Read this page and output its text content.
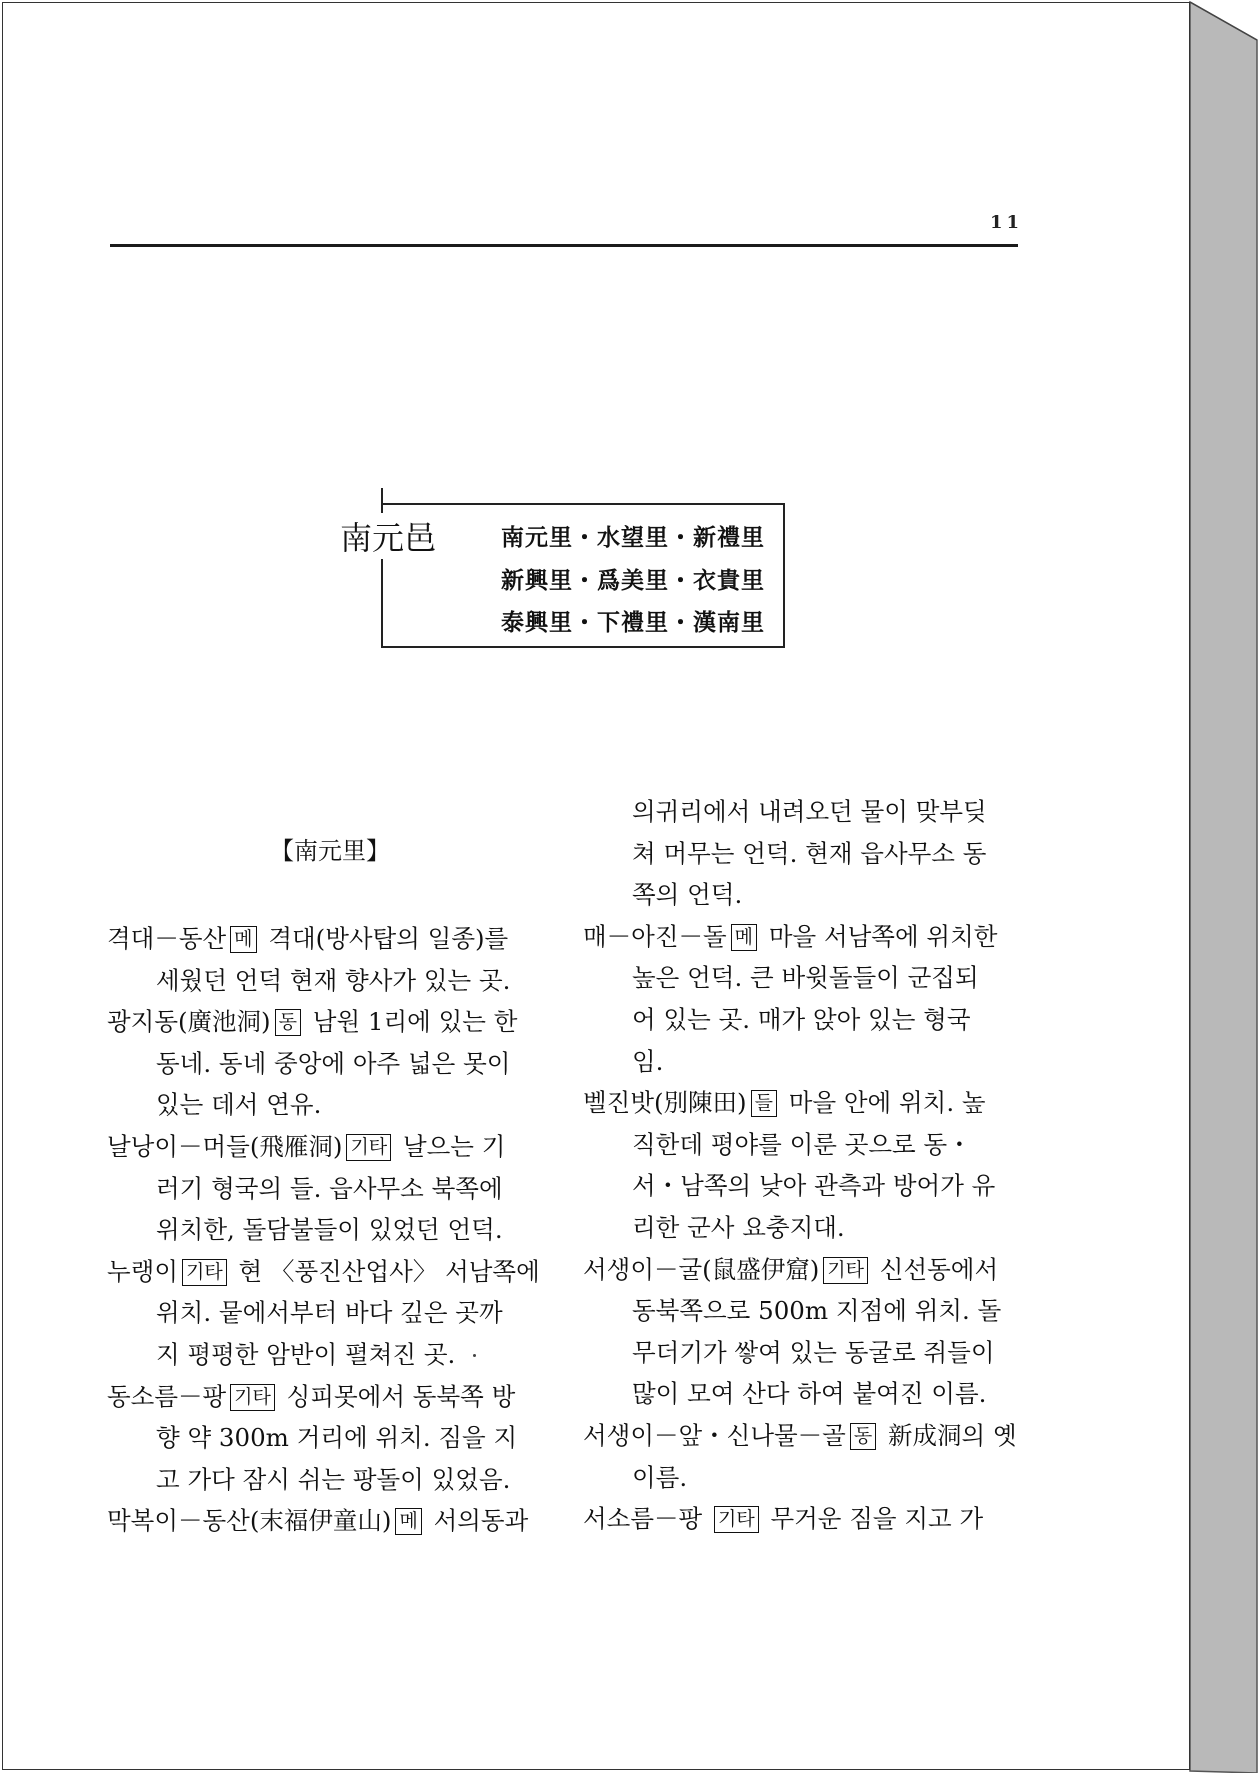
11
南元邑	南元里・水望里・新禮里
新興里・爲美里・衣貴里
泰興里・下禮里・漢南里
【南元里】
격대－동산 메 격대(방사탑의 일종)를
  세웠던 언덕 현재 향사가 있는 곳.
광지동(廣池洞) 동 남원 1리에 있는 한
  동네. 동네 중앙에 아주 넓은 못이
  있는 데서 연유.
날낭이－머들(飛雁洞) 기타 날으는 기
  러기 형국의 들. 읍사무소 북쪽에
  위치한, 돌담불들이 있었던 언덕.
누랭이 기타 현 〈풍진산업사〉 서남쪽에
  위치. 뭍에서부터 바다 깊은 곳까
  지 평평한 암반이 펼쳐진 곳.
동소름－팡 기타 싱피못에서 동북쪽 방
  향 약 300m 거리에 위치. 짐을 지
  고 가다 잠시 쉬는 팡돌이 있었음.
막복이－동산(末福伊童山) 메 서의동과
  의귀리에서 내려오던 물이 맞부딪
  쳐 머무는 언덕. 현재 읍사무소 동
  쪽의 언덕.
매－아진－돌 메 마을 서남쪽에 위치한
  높은 언덕. 큰 바윗돌들이 군집되
  어 있는 곳. 매가 앉아 있는 형국
  임.
벨진밧(別陳田) 들 마을 안에 위치. 높
  직한데 평야를 이룬 곳으로 동・
  서・남쪽의 낮아 관측과 방어가 유
  리한 군사 요충지대.
서생이－굴(鼠盛伊窟) 기타 신선동에서
  동북쪽으로 500m 지점에 위치. 돌
  무더기가 쌓여 있는 동굴로 쥐들이
  많이 모여 산다 하여 붙여진 이름.
서생이－앞・신나물－골 동 新成洞의 옛
  이름.
서소름－팡 기타 무거운 짐을 지고 가
